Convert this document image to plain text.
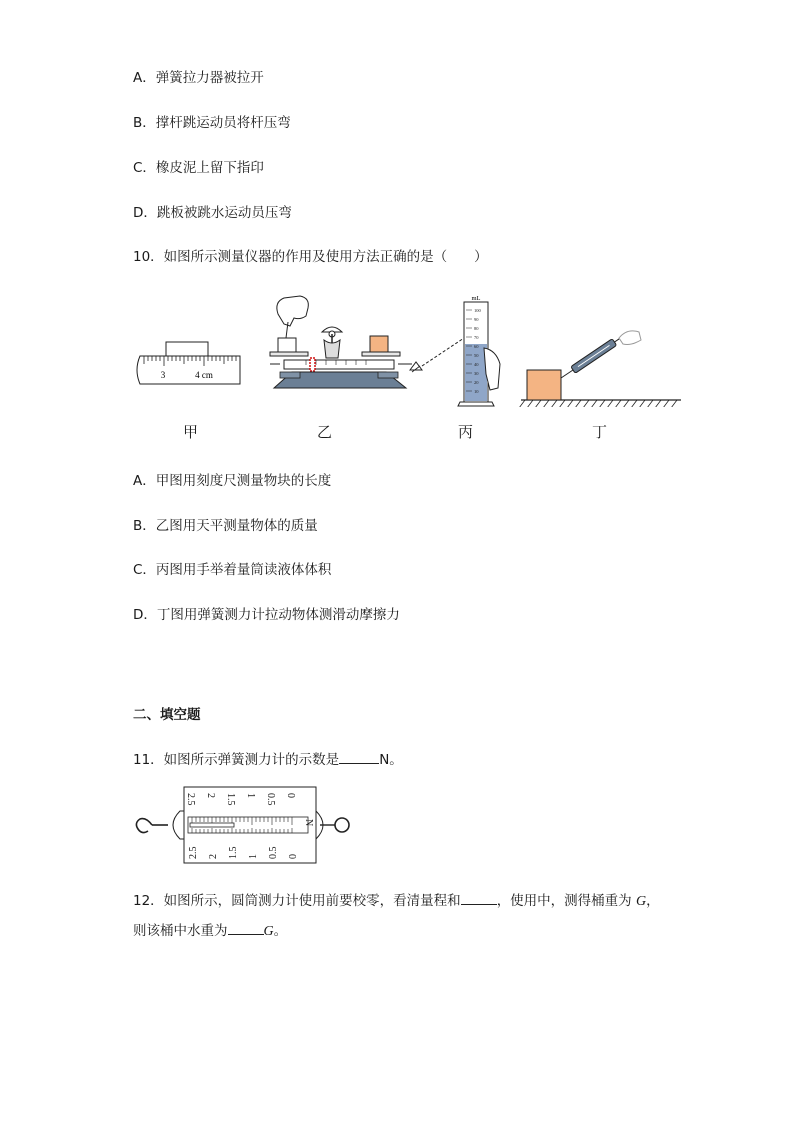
A．弹簧拉力器被拉开
B．撑杆跳运动员将杆压弯
C．橡皮泥上留下指印
D．跳板被跳水运动员压弯
10．如图所示测量仪器的作用及使用方法正确的是（　　）
3	4 cm
mL
100
90
80
70
60
50
40
30
20
10
甲	乙	丙	丁
A．甲图用刻度尺测量物块的长度
B．乙图用天平测量物体的质量
C．丙图用手举着量筒读液体体积
D．丁图用弹簧测力计拉动物体测滑动摩擦力
二、填空题
11．如图所示弹簧测力计的示数是	N。
0
0.5
1
1.5
2
2.5
N
0
0.5
1
1.5
2
2.5
12．如图所示，圆筒测力计使用前要校零，看清量程和	，使用中，测得桶重为 G，
则该桶中水重为	G。
